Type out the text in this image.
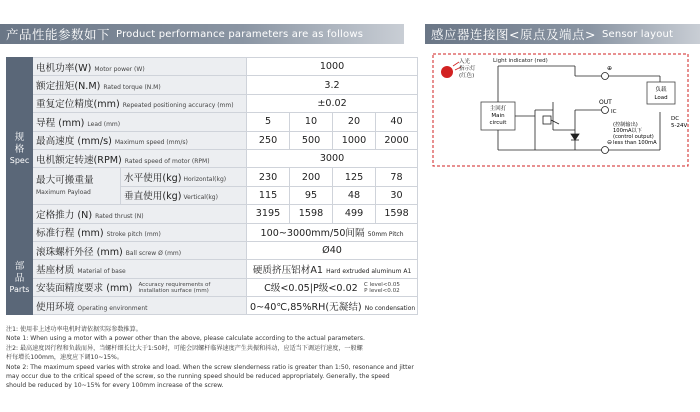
产品性能参数如下 Product performance parameters are as follows	感应器连接图<原点及端点> Sensor layout
规
格

Spec	电机功率(W) Motor power (W)		1000			
	额定扭矩(N.M) Rated torque (N.M)		3.2			
	重复定位精度(mm) Repeated positioning accuracy (mm)		±0.02			
	导程 (mm) Lead (mm)		5	10	20	40
	最高速度 (mm/s) Maximum speed (mm/s)		250	500	1000	2000
	电机额定转速(RPM) Rated speed of motor (RPM)		3000			
	最大可搬重量
Maximum Payload	水平使用(kg) Horizontal(kg)	230	200	125	78
		垂直使用(kg) Vertical(kg)	115	95	48	30
	定格推力 (N) Rated thrust (N)		3195	1598	499	1598
	标准行程 (mm) Stroke pitch (mm)		100~3000mm/50间隔 50mm Pitch			
部
品

Parts	滚珠螺杆外径 (mm) Ball screw Ø (mm)		Ø40			
	基座材质 Material of base		硬质挤压铝材A1 Hard extruded aluminum A1			
	安装面精度要求 (mm) Accuracy requirements of
installation surface (mm)		C级<0.05|P级<0.02 C level<0.05
P level<0.02			
	使用环境 Operating environment		0~40℃,85%RH(无凝结) No condensation			
注1: 使用非上述功率电机时请依据实际参数推算。
Note 1: When using a motor with a power other than the above, please calculate according to the actual parameters.
注2: 最高速度因行程和负载而异，当螺杆细长比大于1:50时，可能会因螺杆临界速度产生共振和抖动，应适当下调运行速度，一般螺
杆每增长100mm，速度应下调10~15%。
Note 2: The maximum speed varies with stroke and load. When the screw slenderness ratio is greater than 1:50, resonance and jitter
may occur due to the critical speed of the screw, so the running speed should be reduced appropriately. Generally, the speed
should be reduced by 10~15% for every 100mm increase of the screw.
入光
指示灯
(红色)
Light indicator (red)
主回打
Main
circuit
⊕
OUT
IC
⊖
负载
Load
DC
5-24V
(控制输出)
100mA以下
(control output)
less than 100mA
